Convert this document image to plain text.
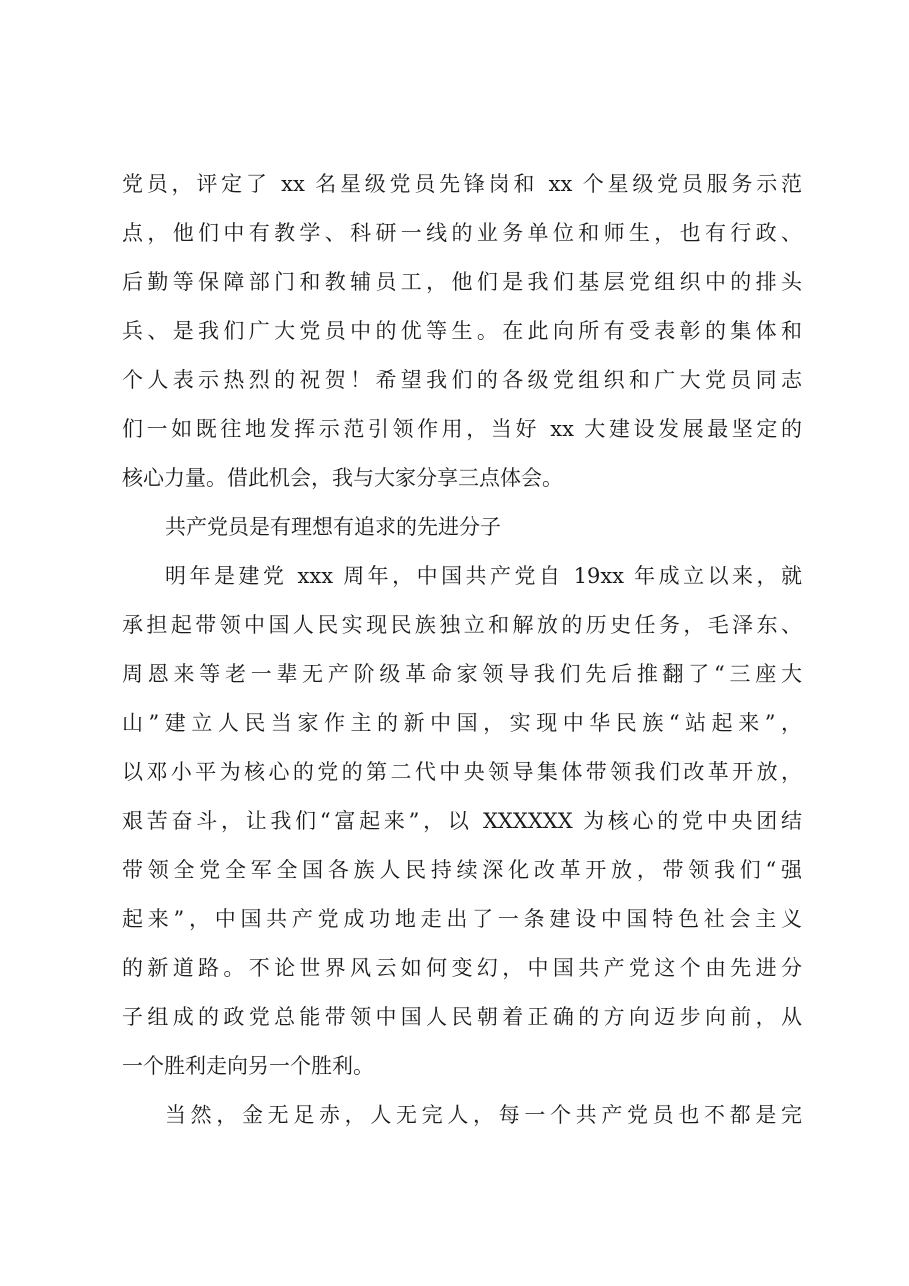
党员，评定了 xx 名星级党员先锋岗和 xx 个星级党员服务示范
点，他们中有教学、科研一线的业务单位和师生，也有行政、
后勤等保障部门和教辅员工，他们是我们基层党组织中的排头
兵、是我们广大党员中的优等生。在此向所有受表彰的集体和
个人表示热烈的祝贺！希望我们的各级党组织和广大党员同志
们一如既往地发挥示范引领作用，当好 xx 大建设发展最坚定的
核心力量。借此机会，我与大家分享三点体会。
共产党员是有理想有追求的先进分子
明年是建党 xxx 周年，中国共产党自 19xx 年成立以来，就
承担起带领中国人民实现民族独立和解放的历史任务，毛泽东、
周恩来等老一辈无产阶级革命家领导我们先后推翻了“三座大
山”建立人民当家作主的新中国，实现中华民族“站起来”，
以邓小平为核心的党的第二代中央领导集体带领我们改革开放，
艰苦奋斗，让我们“富起来”，以 XXXXXX 为核心的党中央团结
带领全党全军全国各族人民持续深化改革开放，带领我们“强
起来”，中国共产党成功地走出了一条建设中国特色社会主义
的新道路。不论世界风云如何变幻，中国共产党这个由先进分
子组成的政党总能带领中国人民朝着正确的方向迈步向前，从
一个胜利走向另一个胜利。
当然，金无足赤，人无完人，每一个共产党员也不都是完
